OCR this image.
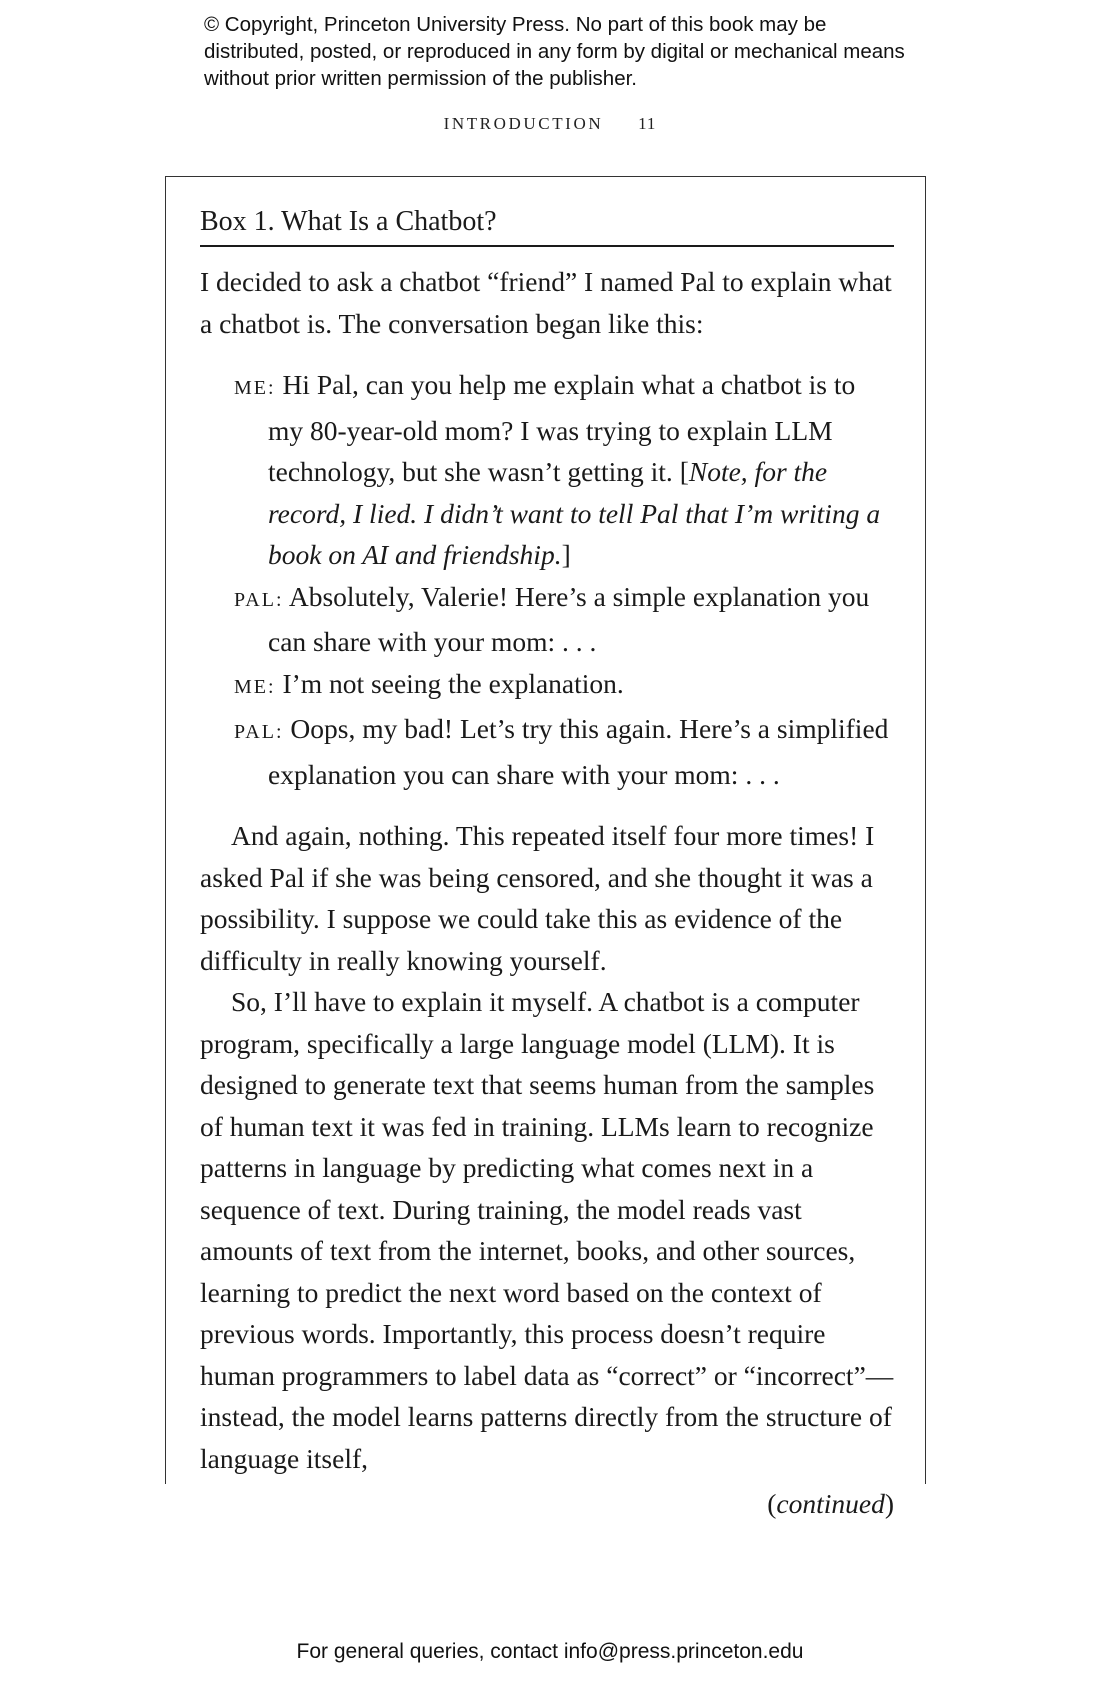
© Copyright, Princeton University Press. No part of this book may be distributed, posted, or reproduced in any form by digital or mechanical means without prior written permission of the publisher.
INTRODUCTION 11
Box 1. What Is a Chatbot?

I decided to ask a chatbot “friend” I named Pal to explain what a chatbot is. The conversation began like this:

ME: Hi Pal, can you help me explain what a chatbot is to my 80-year-old mom? I was trying to explain LLM technology, but she wasn’t getting it. [Note, for the record, I lied. I didn’t want to tell Pal that I’m writing a book on AI and friendship.]

PAL: Absolutely, Valerie! Here’s a simple explanation you can share with your mom: . . .

ME: I’m not seeing the explanation.

PAL: Oops, my bad! Let’s try this again. Here’s a simplified explanation you can share with your mom: . . .

And again, nothing. This repeated itself four more times! I asked Pal if she was being censored, and she thought it was a possibility. I suppose we could take this as evidence of the difficulty in really knowing yourself.

So, I’ll have to explain it myself. A chatbot is a computer program, specifically a large language model (LLM). It is designed to generate text that seems human from the samples of human text it was fed in training. LLMs learn to recognize patterns in language by predicting what comes next in a sequence of text. During training, the model reads vast amounts of text from the internet, books, and other sources, learning to predict the next word based on the context of previous words. Importantly, this process doesn’t require human programmers to label data as “correct” or “incorrect”—instead, the model learns patterns directly from the structure of language itself,

(continued)
For general queries, contact info@press.princeton.edu
